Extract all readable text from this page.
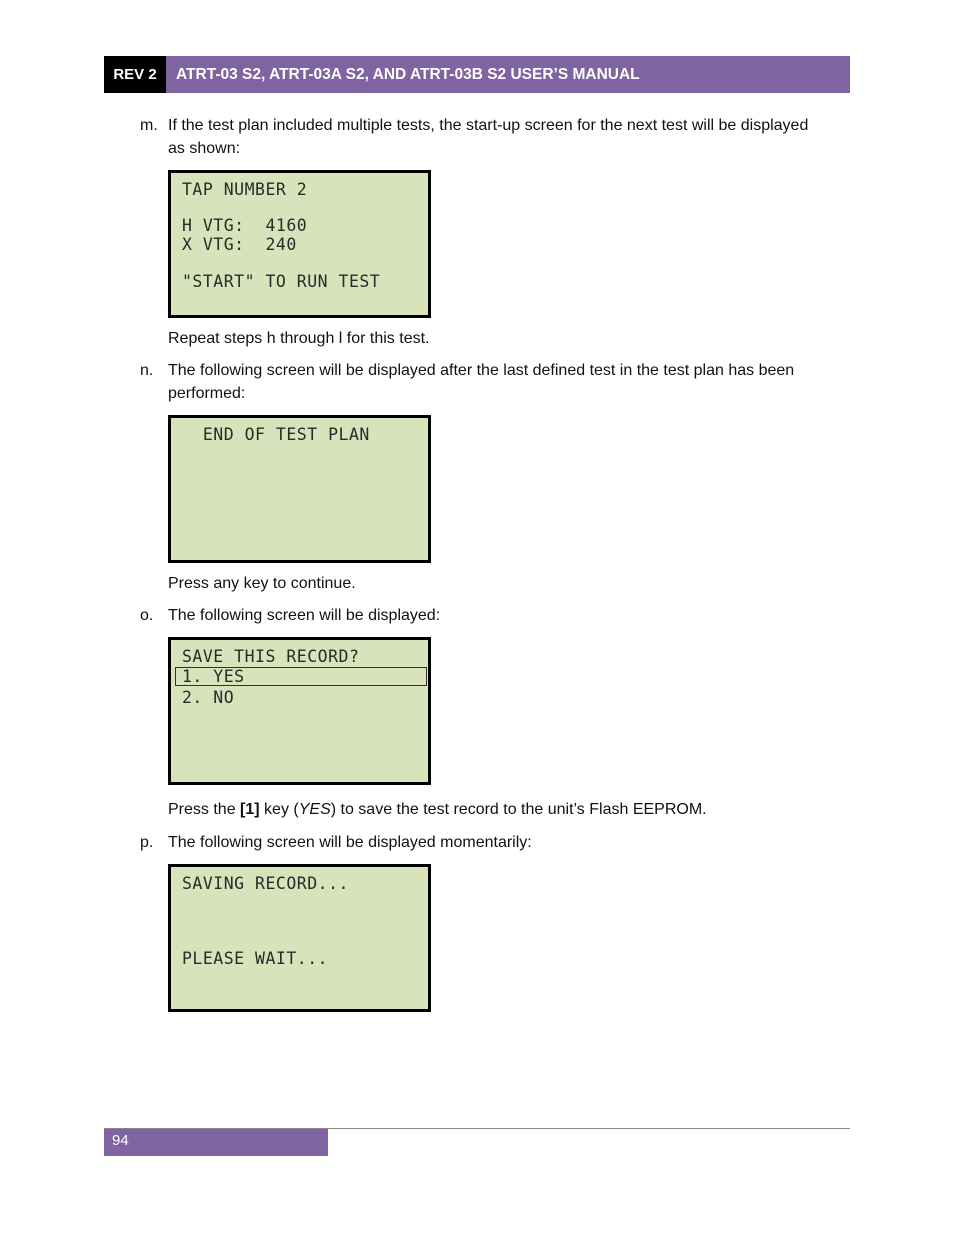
REV 2	ATRT-03 S2, ATRT-03A S2, AND ATRT-03B S2 USER’S MANUAL
m. If the test plan included multiple tests, the start-up screen for the next test will be displayed as shown:
TAP NUMBER 2
H VTG:  4160
X VTG:  240
"START" TO RUN TEST
Repeat steps h through l for this test.
n. The following screen will be displayed after the last defined test in the test plan has been performed:
END OF TEST PLAN
Press any key to continue.
o. The following screen will be displayed:
SAVE THIS RECORD?
1. YES
2. NO
Press the [1] key (YES) to save the test record to the unit’s Flash EEPROM.
p. The following screen will be displayed momentarily:
SAVING RECORD...
PLEASE WAIT...
94
